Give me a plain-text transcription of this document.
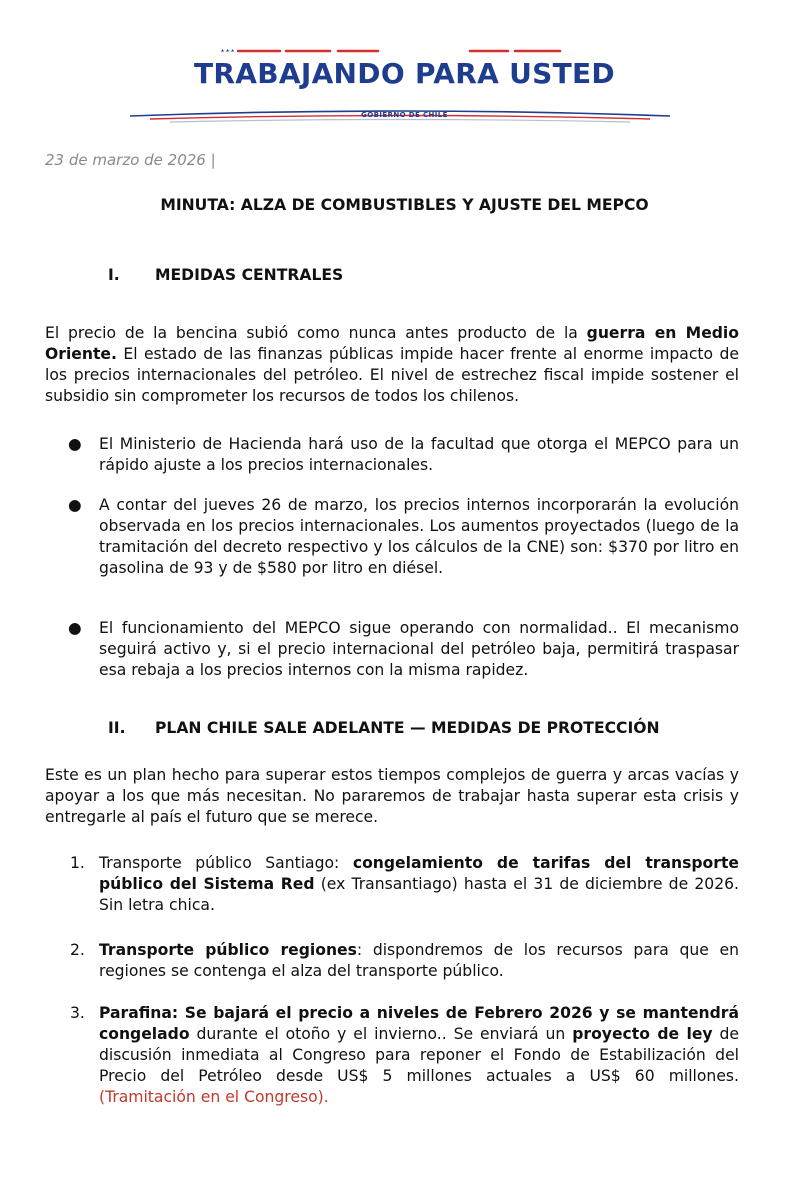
TRABAJANDO PARA USTED
GOBIERNO DE CHILE
23 de marzo de 2026 |
MINUTA: ALZA DE COMBUSTIBLES Y AJUSTE DEL MEPCO
I. MEDIDAS CENTRALES
El precio de la bencina subió como nunca antes producto de la guerra en Medio Oriente. El estado de las finanzas públicas impide hacer frente al enorme impacto de los precios internacionales del petróleo. El nivel de estrechez fiscal impide sostener el subsidio sin comprometer los recursos de todos los chilenos.
● El Ministerio de Hacienda hará uso de la facultad que otorga el MEPCO para un rápido ajuste a los precios internacionales.
● A contar del jueves 26 de marzo, los precios internos incorporarán la evolución observada en los precios internacionales. Los aumentos proyectados (luego de la tramitación del decreto respectivo y los cálculos de la CNE) son: $370 por litro en gasolina de 93 y de $580 por litro en diésel.
● El funcionamiento del MEPCO sigue operando con normalidad.. El mecanismo seguirá activo y, si el precio internacional del petróleo baja, permitirá traspasar esa rebaja a los precios internos con la misma rapidez.
II. PLAN CHILE SALE ADELANTE — MEDIDAS DE PROTECCIÓN
Este es un plan hecho para superar estos tiempos complejos de guerra y arcas vacías y apoyar a los que más necesitan. No pararemos de trabajar hasta superar esta crisis y entregarle al país el futuro que se merece.
1. Transporte público Santiago: congelamiento de tarifas del transporte público del Sistema Red (ex Transantiago) hasta el 31 de diciembre de 2026. Sin letra chica.
2. Transporte público regiones: dispondremos de los recursos para que en regiones se contenga el alza del transporte público.
3. Parafina: Se bajará el precio a niveles de Febrero 2026 y se mantendrá congelado durante el otoño y el invierno.. Se enviará un proyecto de ley de discusión inmediata al Congreso para reponer el Fondo de Estabilización del Precio del Petróleo desde US$ 5 millones actuales a US$ 60 millones. (Tramitación en el Congreso).
